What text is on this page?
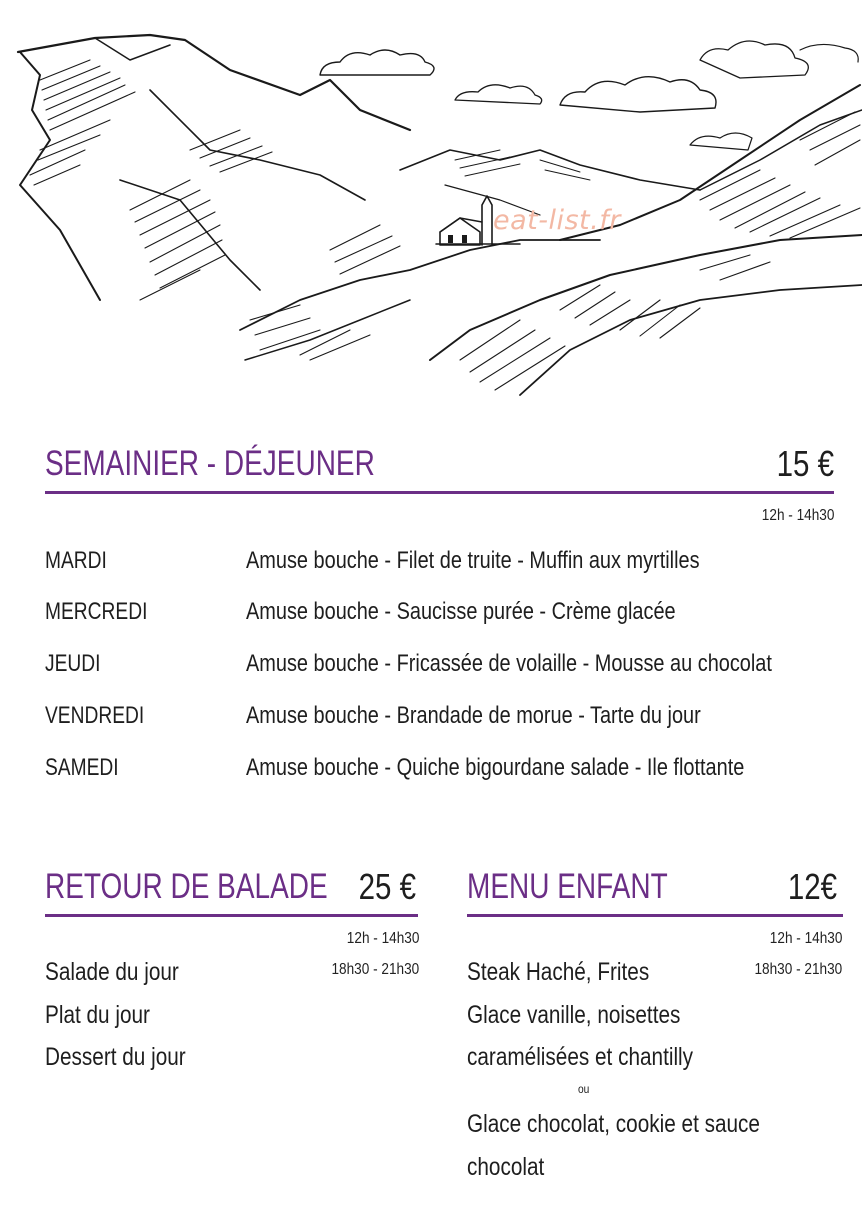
eat-list.fr
SEMAINIER - DÉJEUNER	15 €
12h - 14h30
MARDI	Amuse bouche - Filet de truite - Muffin aux myrtilles
MERCREDI	Amuse bouche - Saucisse purée - Crème glacée
JEUDI	Amuse bouche - Fricassée de volaille - Mousse au chocolat
VENDREDI	Amuse bouche - Brandade de morue - Tarte du jour
SAMEDI	Amuse bouche - Quiche bigourdane salade - Ile flottante
RETOUR DE BALADE 25 €
12h - 14h30
18h30 - 21h30
Salade du jour
Plat du jour
Dessert du jour
MENU ENFANT	12€
12h - 14h30
18h30 - 21h30
Steak Haché, Frites
Glace vanille, noisettes
caramélisées et chantilly
ou
Glace chocolat, cookie et sauce
chocolat
